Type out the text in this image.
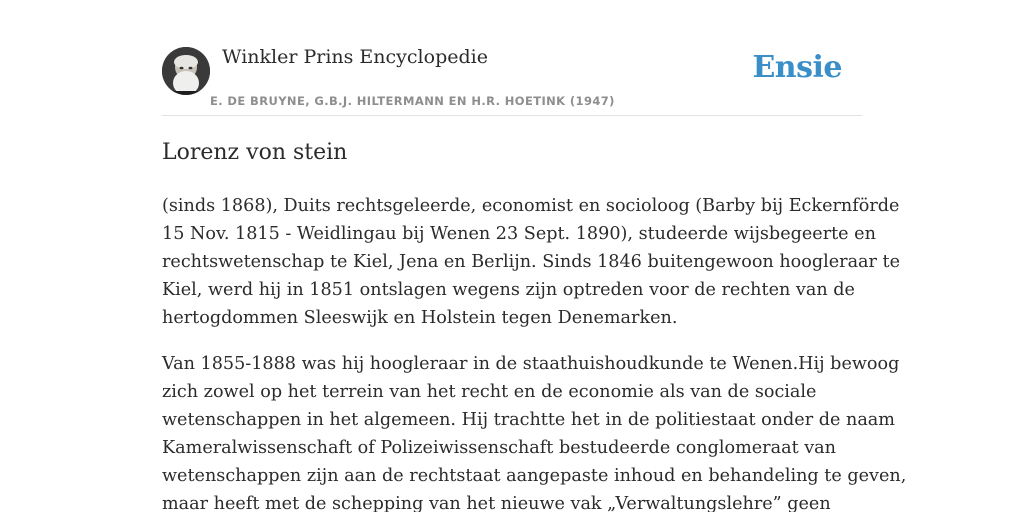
Winkler Prins Encyclopedie
E. DE BRUYNE, G.B.J. HILTERMANN EN H.R. HOETINK (1947)
Ensie
Lorenz von stein

(sinds 1868), Duits rechtsgeleerde, economist en socioloog (Barby bij Eckernförde
15 Nov. 1815 - Weidlingau bij Wenen 23 Sept. 1890), studeerde wijsbegeerte en
rechtswetenschap te Kiel, Jena en Berlijn. Sinds 1846 buitengewoon hoogleraar te
Kiel, werd hij in 1851 ontslagen wegens zijn optreden voor de rechten van de
hertogdommen Sleeswijk en Holstein tegen Denemarken.

Van 1855-1888 was hij hoogleraar in de staathuishoudkunde te Wenen.Hij bewoog
zich zowel op het terrein van het recht en de economie als van de sociale
wetenschappen in het algemeen. Hij trachtte het in de politiestaat onder de naam
Kameralwissenschaft of Polizeiwissenschaft bestudeerde conglomeraat van
wetenschappen zijn aan de rechtstaat aangepaste inhoud en behandeling te geven,
maar heeft met de schepping van het nieuwe vak „Verwaltungslehre” geen
